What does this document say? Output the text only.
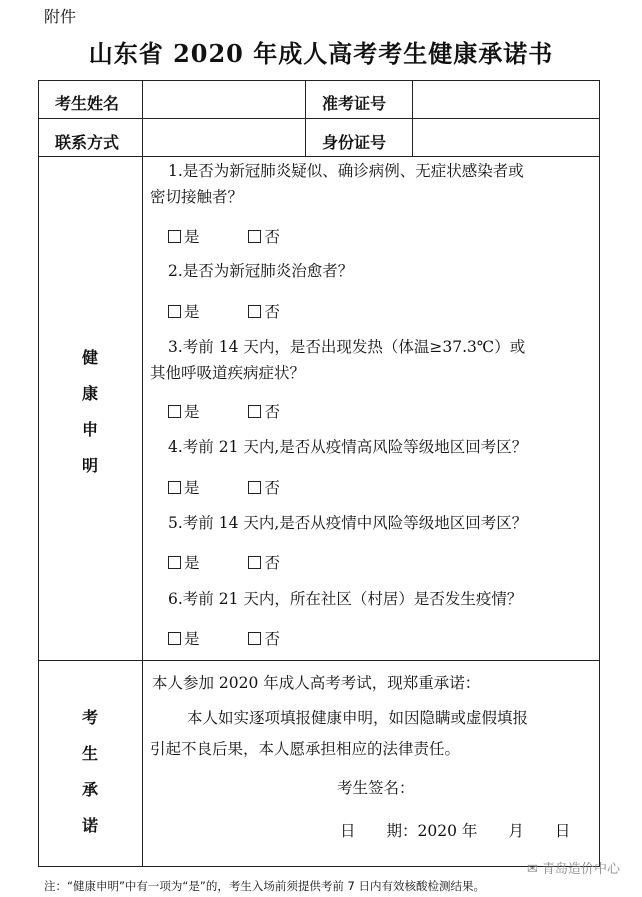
附件
山东省 2020 年成人高考考生健康承诺书
考生姓名	准考证号
联系方式	身份证号
健
康
申
明
1.是否为新冠肺炎疑似、确诊病例、无症状感染者或
密切接触者？
是	否
2.是否为新冠肺炎治愈者？
是	否
3.考前 14 天内，是否出现发热（体温≥37.3℃）或
其他呼吸道疾病症状？
是	否
4.考前 21 天内,是否从疫情高风险等级地区回考区？
是	否
5.考前 14 天内,是否从疫情中风险等级地区回考区？
是	否
6.考前 21 天内，所在社区（村居）是否发生疫情？
是	否
考
生
承
诺
本人参加 2020 年成人高考考试，现郑重承诺：
本人如实逐项填报健康申明，如因隐瞒或虚假填报
引起不良后果，本人愿承担相应的法律责任。
考生签名：
日　　期：2020 年　　月　　日
✉ 青岛造价中心
注：“健康申明”中有一项为“是”的，考生入场前须提供考前 7 日内有效核酸检测结果。
